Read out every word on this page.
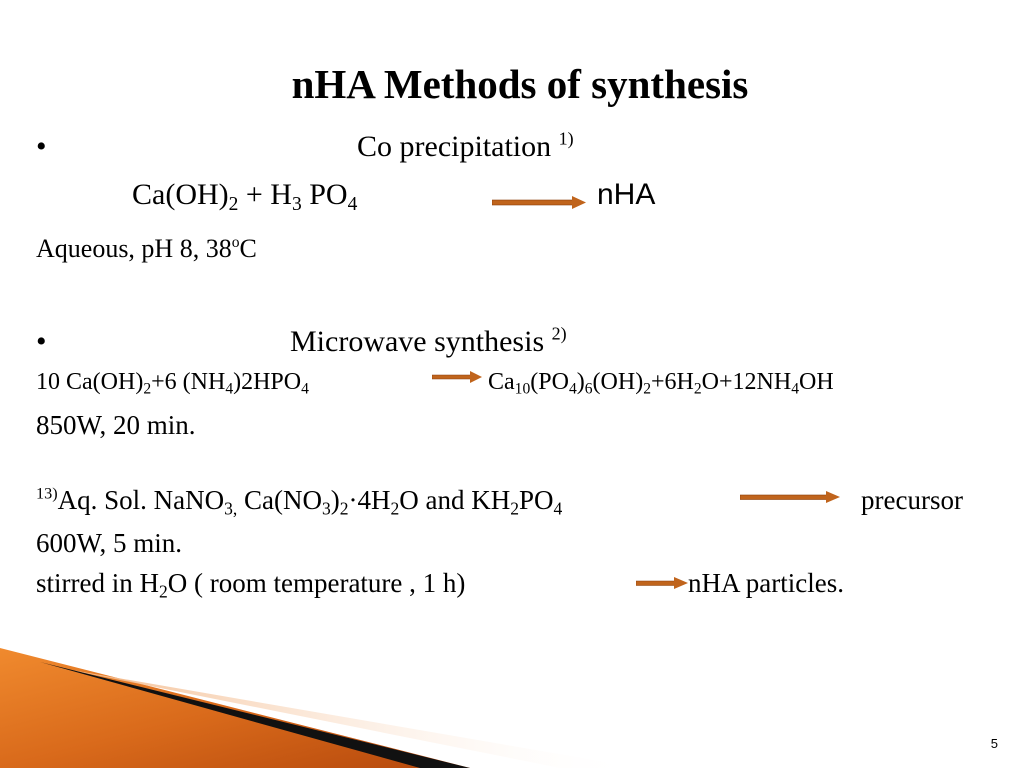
nHA Methods of synthesis
•	Co precipitation $^{1)}$
$Ca(OH)_2 + H_3$ $PO_4$	nHA
Aqueous, pH 8, 38$^o$C
•	Microwave synthesis $^{2)}$
10 $Ca(OH)_2+6$ $(NH_4)2HPO_4$	$Ca_{10}(PO_4)_6(OH)_2+6H_2O+12NH_4OH$
850W, 20 min.
$^{13)}$Aq. Sol. NaNO$_{3,}$ $Ca(NO_3)_2\cdot 4H_2O$ and $KH_2PO_4$	precursor
600W, 5 min.
stirred in $H_2O$ ( room temperature , 1 h)	nHA particles.
5
